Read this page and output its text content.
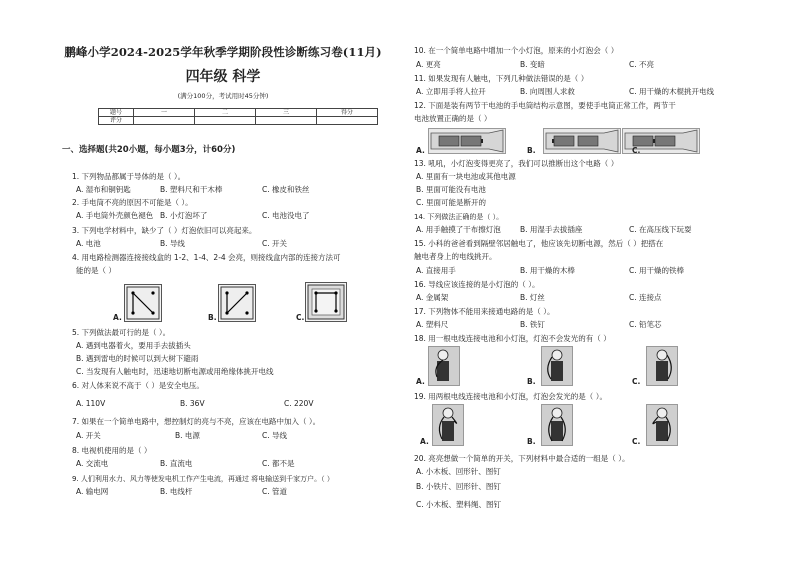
鹏峰小学2024-2025学年秋季学期阶段性诊断练习卷(11月)
四年级 科学
(满分100分，考试用时45分钟)
题号	一	二	三	得分
评分				
一、选择题(共20小题，每小题3分，计60分)
1. 下列物品都属于导体的是（ ）。
A. 湿布和铜钥匙	B. 塑料尺和干木棒	C. 橡皮和铁丝
2. 手电筒不亮的原因不可能是（ ）。
A. 手电筒外壳颜色褪色 B. 小灯泡坏了	C. 电池没电了
3. 下列电学材料中，缺少了（ ）灯泡依旧可以亮起来。
A. 电池	B. 导线	C. 开关
4. 用电路检测器连接接线盒的 1-2、1-4、2-4 会亮，则接线盒内部的连接方法可
能的是（ ）
A.	B.	C.
5. 下列做法最可行的是（ ）。
A. 遇到电器着火，要用手去拔插头
B. 遇到雷电的时候可以到大树下避雨
C. 当发现有人触电时，迅速地切断电源或用绝缘体挑开电线
6. 对人体来说不高于（ ）是安全电压。
A. 110V	B. 36V	C. 220V
7. 如果在一个简单电路中，想控制灯的亮与不亮，应该在电路中加入（ ）。
A. 开关	B. 电源	C. 导线
8. 电视机使用的是（ ）
A. 交流电	B. 直流电	C. 都不是
9. 人们利用水力、风力等使发电机工作产生电流，再通过 将电输送到千家万户。（ ）
A. 输电网	B. 电线杆	C. 管道
10. 在一个简单电路中增加一个小灯泡，原来的小灯泡会（ ）
A. 更亮	B. 变暗	C. 不亮
11. 如果发现有人触电，下列几种做法错误的是（ ）
A. 立即用手将人拉开	B. 向周围人求救	C. 用干燥的木棍挑开电线
12. 下面是装有两节干电池的手电筒结构示意图，要使手电筒正常工作，两节干
电池放置正确的是（ ）
A.	B.	C.
13. 吼吼，小灯泡变得更亮了，我们可以推断出这个电路（ ）
A. 里面有一块电池或其他电源
B. 里面可能没有电池
C. 里面可能是断开的
14. 下列做法正确的是（ ）。
A. 用手触摸了干布擦灯泡	B. 用湿手去拔插座	C. 在高压线下玩耍
15. 小科的爸爸看到隔壁邻居触电了，他应该先切断电源，然后（ ）把搭在
触电者身上的电线挑开。
A. 直接用手	B. 用干燥的木棒	C. 用干燥的铁棒
16. 导线应该连接的是小灯泡的（ ）。
A. 金属架	B. 灯丝	C. 连接点
17. 下列物体不能用来接通电路的是（ ）。
A. 塑料尺	B. 铁钉	C. 铅笔芯
18. 用一根电线连接电池和小灯泡，灯泡不会发光的有（ ）
A.	B.	C.
19. 用两根电线连接电池和小灯泡，灯泡会发光的是（ ）。
A.	B.	C.
20. 亮亮想做一个简单的开关，下列材料中最合适的一组是（ ）。
A. 小木板、回形针、图钉
B. 小铁片、回形针、图钉
C. 小木板、塑料绳、图钉
